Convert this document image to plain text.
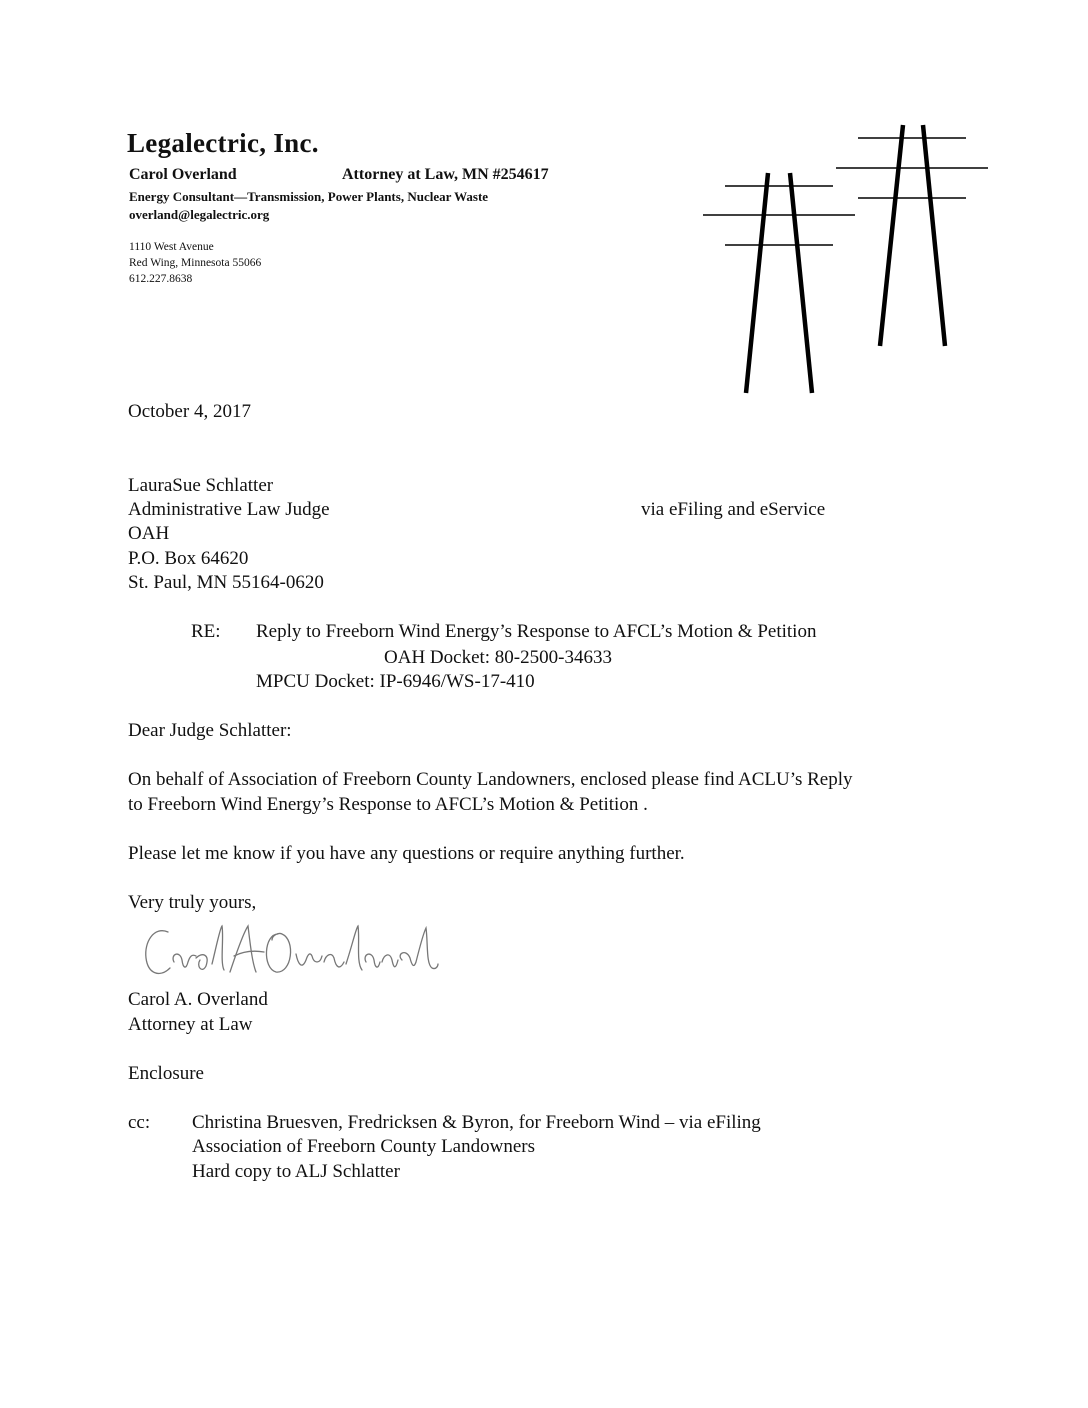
Legalectric, Inc.
Carol Overland	Attorney at Law, MN #254617
Energy Consultant—Transmission, Power Plants, Nuclear Waste
overland@legalectric.org
1110 West Avenue
Red Wing, Minnesota 55066
612.227.8638
October 4, 2017
LauraSue Schlatter
Administrative Law Judge	via eFiling and eService
OAH
P.O. Box 64620
St. Paul, MN 55164-0620
RE: Reply to Freeborn Wind Energy’s Response to AFCL’s Motion & Petition
OAH Docket: 80-2500-34633
MPCU Docket: IP-6946/WS-17-410
Dear Judge Schlatter:
On behalf of Association of Freeborn County Landowners, enclosed please find ACLU’s Reply
to Freeborn Wind Energy’s Response to AFCL’s Motion & Petition .
Please let me know if you have any questions or require anything further.
Very truly yours,
Carol A. Overland
Attorney at Law
Enclosure
cc: Christina Bruesven, Fredricksen & Byron, for Freeborn Wind – via eFiling
Association of Freeborn County Landowners
Hard copy to ALJ Schlatter
